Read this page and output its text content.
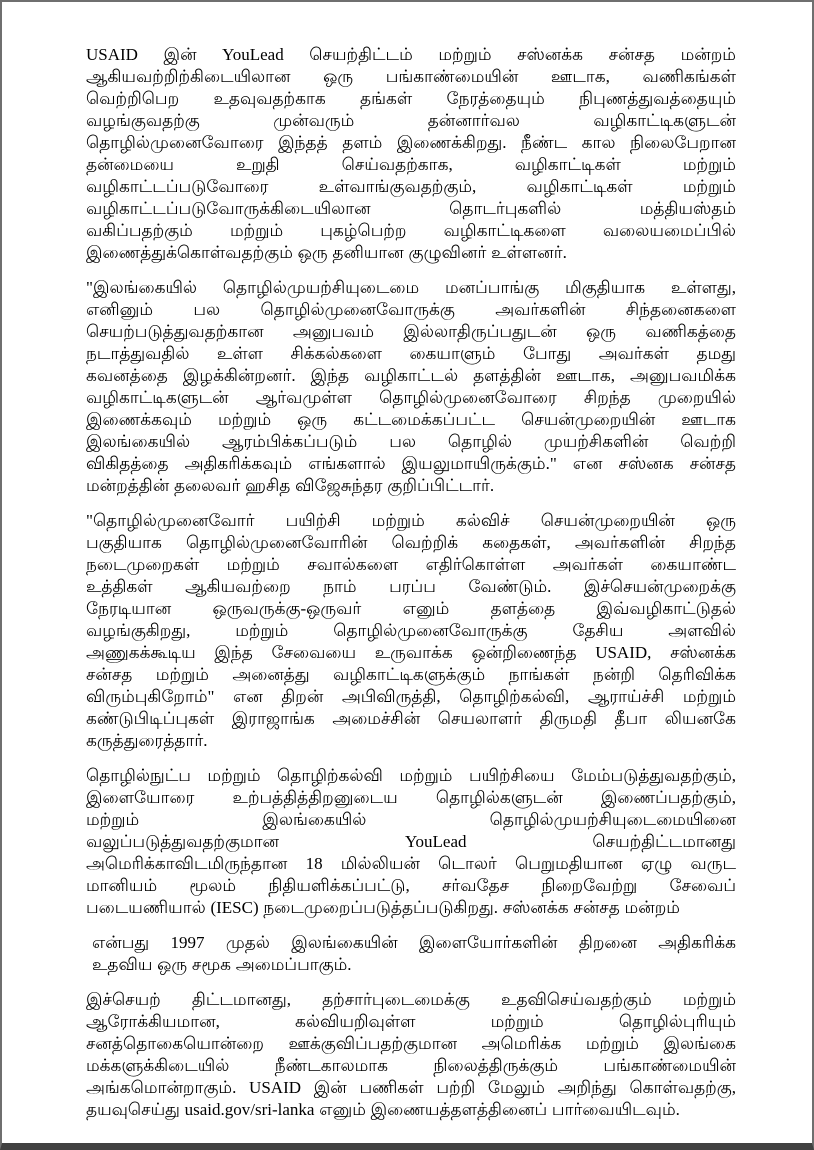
USAID இன் YouLead செயற்திட்டம் மற்றும் சஸ்னக்க சன்சத மன்றம்
ஆகியவற்றிற்கிடையிலான ஒரு பங்காண்மையின் ஊடாக, வணிகங்கள்
வெற்றிபெற உதவுவதற்காக தங்கள் நேரத்தையும் நிபுணத்துவத்தையும்
வழங்குவதற்கு முன்வரும் தன்னார்வல வழிகாட்டிகளுடன்
தொழில்முனைவோரை இந்தத் தளம் இணைக்கிறது. நீண்ட கால நிலைபேறான
தன்மையை உறுதி செய்வதற்காக, வழிகாட்டிகள் மற்றும்
வழிகாட்டப்படுவோரை உள்வாங்குவதற்கும், வழிகாட்டிகள் மற்றும்
வழிகாட்டப்படுவோருக்கிடையிலான தொடர்புகளில் மத்தியஸ்தம்
வகிப்பதற்கும் மற்றும் புகழ்பெற்ற வழிகாட்டிகளை வலையமைப்பில்
இணைத்துக்கொள்வதற்கும் ஒரு தனியான குழுவினர் உள்ளனர்.
"இலங்கையில் தொழில்முயற்சியுடைமை மனப்பாங்கு மிகுதியாக உள்ளது,
எனினும் பல தொழில்முனைவோருக்கு அவர்களின் சிந்தனைகளை
செயற்படுத்துவதற்கான அனுபவம் இல்லாதிருப்பதுடன் ஒரு வணிகத்தை
நடாத்துவதில் உள்ள சிக்கல்களை கையாளும் போது அவர்கள் தமது
கவனத்தை இழக்கின்றனர். இந்த வழிகாட்டல் தளத்தின் ஊடாக, அனுபவமிக்க
வழிகாட்டிகளுடன் ஆர்வமுள்ள தொழில்முனைவோரை சிறந்த முறையில்
இணைக்கவும் மற்றும் ஒரு கட்டமைக்கப்பட்ட செயன்முறையின் ஊடாக
இலங்கையில் ஆரம்பிக்கப்படும் பல தொழில் முயற்சிகளின் வெற்றி
விகிதத்தை அதிகரிக்கவும் எங்களால் இயலுமாயிருக்கும்." என சஸ்னக சன்சத
மன்றத்தின் தலைவர் ஹசித விஜேசுந்தர குறிப்பிட்டார்.
"தொழில்முனைவோர் பயிற்சி மற்றும் கல்விச் செயன்முறையின் ஒரு
பகுதியாக தொழில்முனைவோரின் வெற்றிக் கதைகள், அவர்களின் சிறந்த
நடைமுறைகள் மற்றும் சவால்களை எதிர்கொள்ள அவர்கள் கையாண்ட
உத்திகள் ஆகியவற்றை நாம் பரப்ப வேண்டும். இச்செயன்முறைக்கு
நேரடியான ஒருவருக்கு-ஒருவர் எனும் தளத்தை இவ்வழிகாட்டுதல்
வழங்குகிறது, மற்றும் தொழில்முனைவோருக்கு தேசிய அளவில்
அணுகக்கூடிய இந்த சேவையை உருவாக்க ஒன்றிணைந்த USAID, சஸ்னக்க
சன்சத மற்றும் அனைத்து வழிகாட்டிகளுக்கும் நாங்கள் நன்றி தெரிவிக்க
விரும்புகிறோம்" என திறன் அபிவிருத்தி, தொழிற்கல்வி, ஆராய்ச்சி மற்றும்
கண்டுபிடிப்புகள் இராஜாங்க அமைச்சின் செயலாளர் திருமதி தீபா லியனகே
கருத்துரைத்தார்.
தொழில்நுட்ப மற்றும் தொழிற்கல்வி மற்றும் பயிற்சியை மேம்படுத்துவதற்கும்,
இளையோரை உற்பத்தித்திறனுடைய தொழில்களுடன் இணைப்பதற்கும்,
மற்றும் இலங்கையில் தொழில்முயற்சியுடைமையினை
வலுப்படுத்துவதற்குமான YouLead செயற்திட்டமானது
அமெரிக்காவிடமிருந்தான 18 மில்லியன் டொலர் பெறுமதியான ஏழு வருட
மானியம் மூலம் நிதியளிக்கப்பட்டு, சர்வதேச நிறைவேற்று சேவைப்
படையணியால் (IESC) நடைமுறைப்படுத்தப்படுகிறது. சஸ்னக்க சன்சத மன்றம்
என்பது 1997 முதல் இலங்கையின் இளையோர்களின் திறனை அதிகரிக்க
உதவிய ஒரு சமூக அமைப்பாகும்.
இச்செயற் திட்டமானது, தற்சார்புடைமைக்கு உதவிசெய்வதற்கும் மற்றும்
ஆரோக்கியமான, கல்வியறிவுள்ள மற்றும் தொழில்புரியும்
சனத்தொகையொன்றை ஊக்குவிப்பதற்குமான அமெரிக்க மற்றும் இலங்கை
மக்களுக்கிடையில் நீண்டகாலமாக நிலைத்திருக்கும் பங்காண்மையின்
அங்கமொன்றாகும். USAID இன் பணிகள் பற்றி மேலும் அறிந்து கொள்வதற்கு,
தயவுசெய்து usaid.gov/sri-lanka எனும் இணையத்தளத்தினைப் பார்வையிடவும்.
